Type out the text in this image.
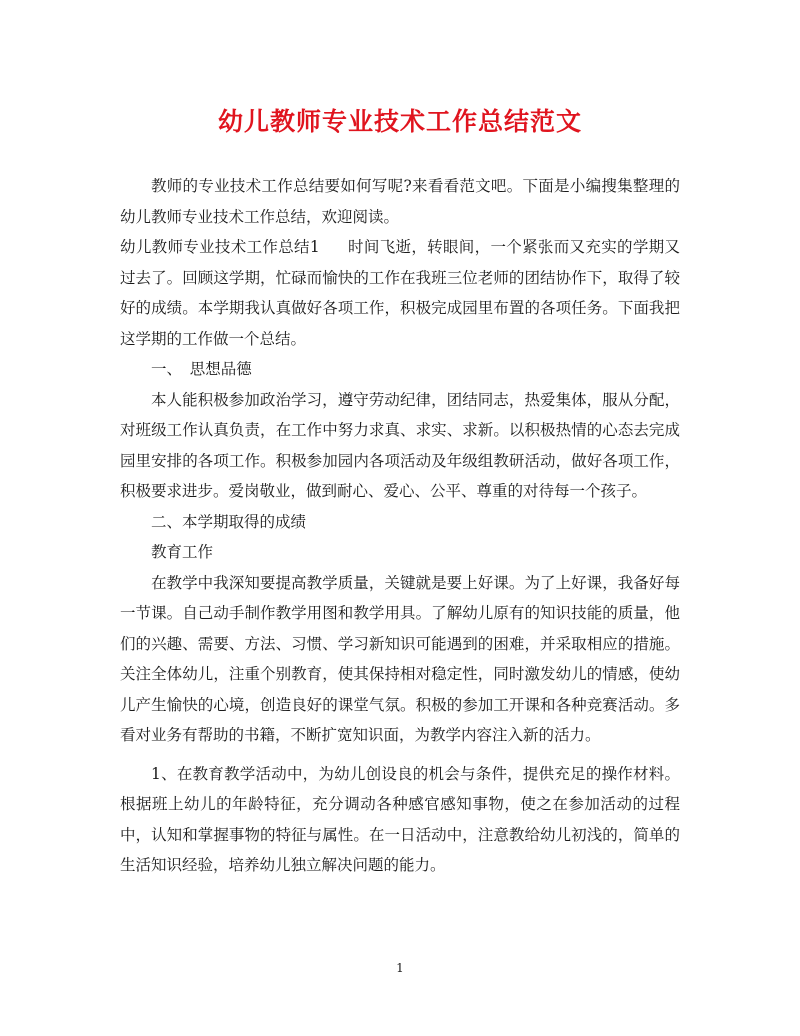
幼儿教师专业技术工作总结范文

教师的专业技术工作总结要如何写呢?来看看范文吧。下面是小编搜集整理的幼儿教师专业技术工作总结，欢迎阅读。

幼儿教师专业技术工作总结1 时间飞逝，转眼间，一个紧张而又充实的学期又过去了。回顾这学期，忙碌而愉快的工作在我班三位老师的团结协作下，取得了较好的成绩。本学期我认真做好各项工作，积极完成园里布置的各项任务。下面我把这学期的工作做一个总结。

一、　思想品德

本人能积极参加政治学习，遵守劳动纪律，团结同志，热爱集体，服从分配，对班级工作认真负责，在工作中努力求真、求实、求新。以积极热情的心态去完成园里安排的各项工作。积极参加园内各项活动及年级组教研活动，做好各项工作，积极要求进步。爱岗敬业，做到耐心、爱心、公平、尊重的对待每一个孩子。

二、本学期取得的成绩

教育工作

在教学中我深知要提高教学质量，关键就是要上好课。为了上好课，我备好每一节课。自己动手制作教学用图和教学用具。了解幼儿原有的知识技能的质量，他们的兴趣、需要、方法、习惯、学习新知识可能遇到的困难，并采取相应的措施。关注全体幼儿，注重个别教育，使其保持相对稳定性，同时激发幼儿的情感，使幼儿产生愉快的心境，创造良好的课堂气氛。积极的参加工开课和各种竞赛活动。多看对业务有帮助的书籍，不断扩宽知识面，为教学内容注入新的活力。

1、在教育教学活动中，为幼儿创设良的机会与条件，提供充足的操作材料。根据班上幼儿的年龄特征，充分调动各种感官感知事物，使之在参加活动的过程中，认知和掌握事物的特征与属性。在一日活动中，注意教给幼儿初浅的，简单的生活知识经验，培养幼儿独立解决问题的能力。

1
